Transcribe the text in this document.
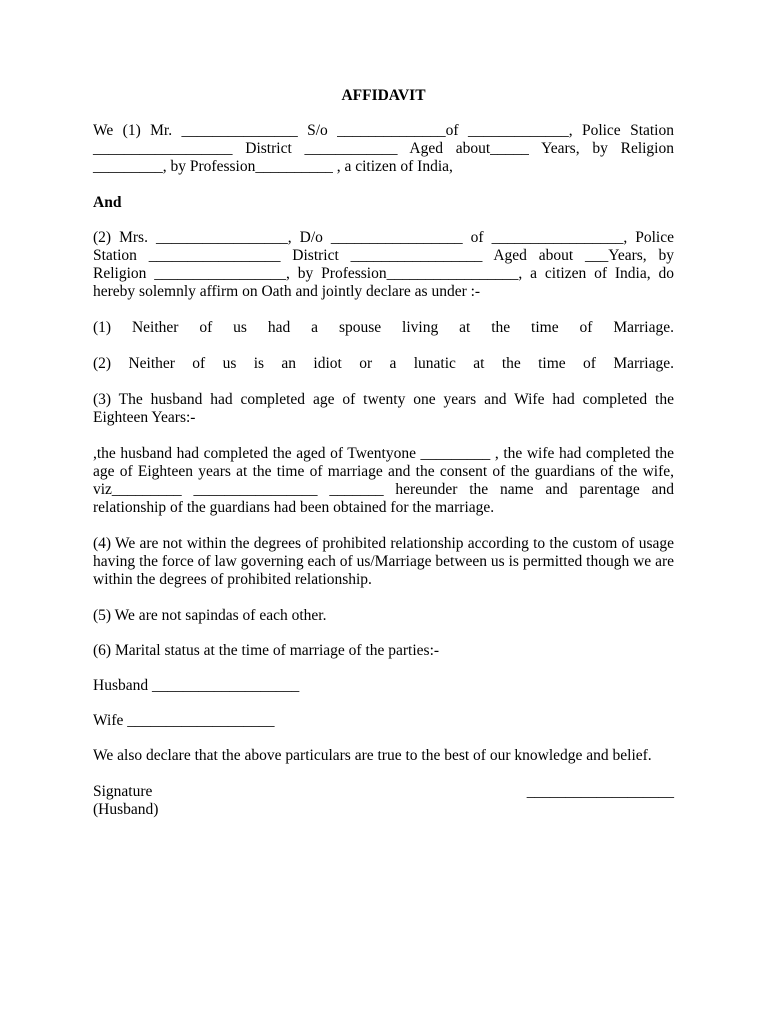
AFFIDAVIT

We (1) Mr. _______________ S/o ______________of _____________, Police Station __________________ District ____________ Aged about_____ Years, by Religion _________, by Profession__________ , a citizen of India,

And

(2) Mrs. _________________, D/o _________________ of _________________, Police Station _________________ District _________________ Aged about ___Years, by Religion _________________, by Profession_________________, a citizen of India, do hereby solemnly affirm on Oath and jointly declare as under :-

(1) Neither of us had a spouse living at the time of Marriage.

(2) Neither of us is an idiot or a lunatic at the time of Marriage.

(3) The husband had completed age of twenty one years and Wife had completed the Eighteen Years:-

,the husband had completed the aged of Twentyone _________ , the wife had completed the age of Eighteen years at the time of marriage and the consent of the guardians of the wife, viz_________ ________________ _______ hereunder the name and parentage and relationship of the guardians had been obtained for the marriage.

(4) We are not within the degrees of prohibited relationship according to the custom of usage having the force of law governing each of us/Marriage between us is permitted though we are within the degrees of prohibited relationship.

(5) We are not sapindas of each other.

(6) Marital status at the time of marriage of the parties:-

Husband ___________________

Wife ___________________

We also declare that the above particulars are true to the best of our knowledge and belief.

Signature
(Husband)
___________________
